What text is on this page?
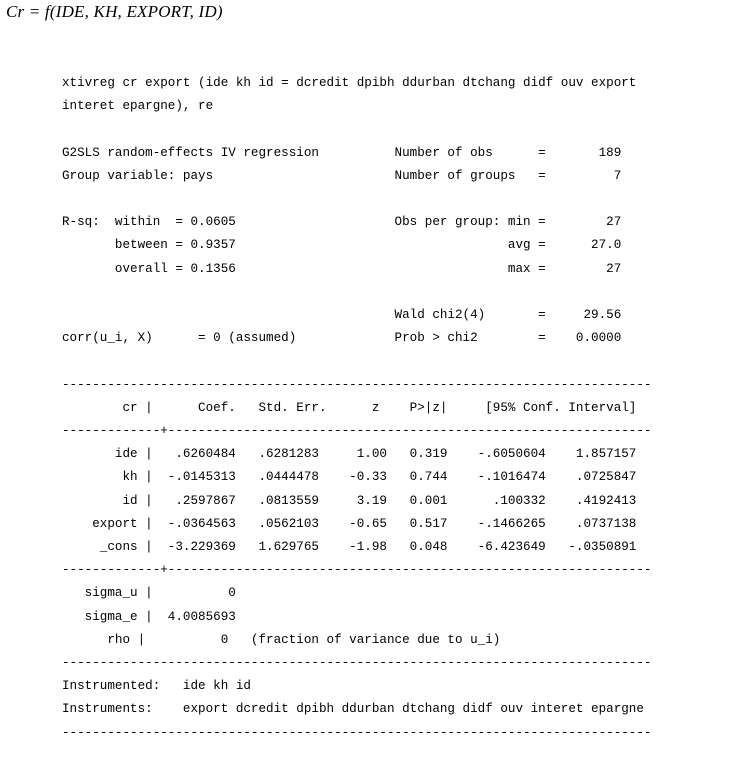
Cr = f(IDE, KH, EXPORT, ID)
xtivreg cr export (ide kh id = dcredit dpibh ddurban dtchang didf ouv export
interet epargne), re
G2SLS random-effects IV regression          Number of obs      =       189
Group variable: pays                        Number of groups   =         7
R-sq:  within  = 0.0605                     Obs per group: min =        27
between = 0.9357                                    avg =      27.0
overall = 0.1356                                    max =        27
Wald chi2(4)       =     29.56
corr(u_i, X)      = 0 (assumed)             Prob > chi2        =    0.0000
------------------------------------------------------------------------------
cr |      Coef.   Std. Err.      z    P>|z|     [95% Conf. Interval]
-------------+----------------------------------------------------------------
ide |   .6260484   .6281283     1.00   0.319    -.6050604    1.857157
kh |  -.0145313   .0444478    -0.33   0.744    -.1016474    .0725847
id |   .2597867   .0813559     3.19   0.001      .100332    .4192413
export |  -.0364563   .0562103    -0.65   0.517    -.1466265    .0737138
_cons |  -3.229369   1.629765    -1.98   0.048    -6.423649   -.0350891
-------------+----------------------------------------------------------------
sigma_u |          0
sigma_e |  4.0085693
rho |          0   (fraction of variance due to u_i)
------------------------------------------------------------------------------
Instrumented:   ide kh id
Instruments:    export dcredit dpibh ddurban dtchang didf ouv interet epargne
------------------------------------------------------------------------------
